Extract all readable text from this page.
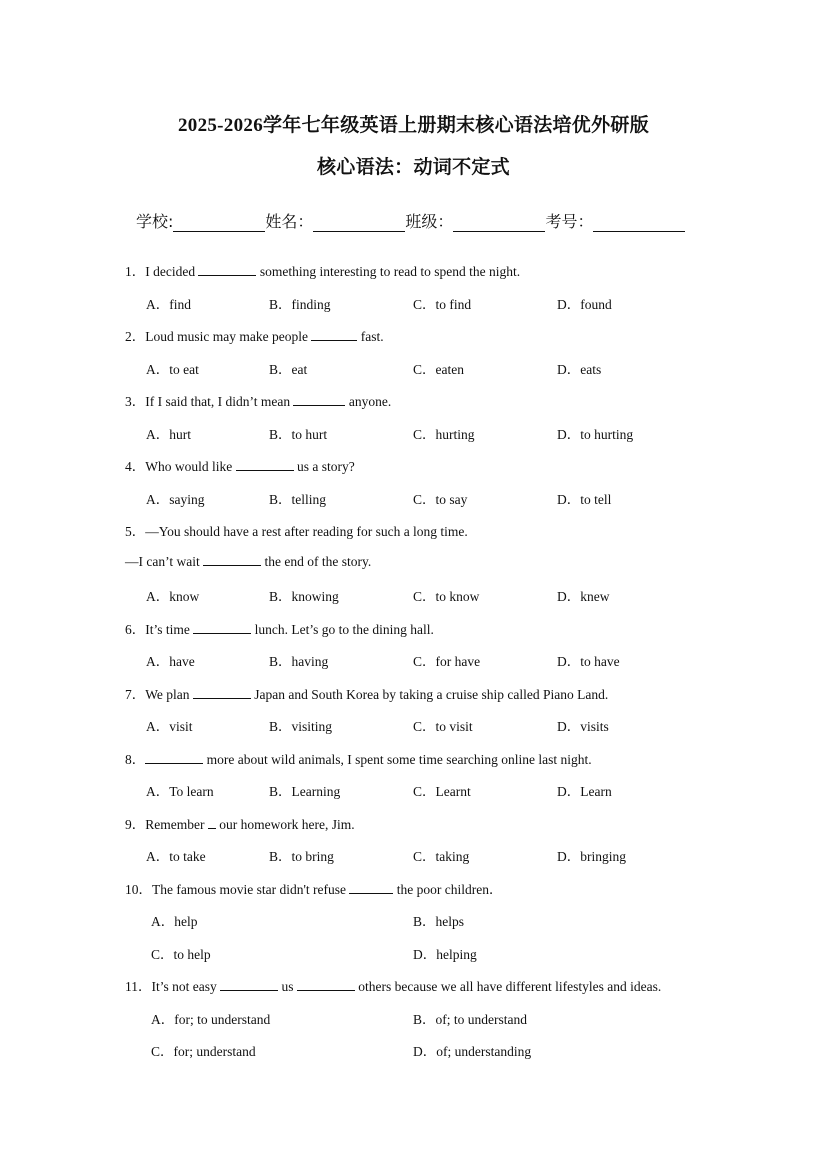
2025-2026学年七年级英语上册期末核心语法培优外研版
核心语法：动词不定式
学校:	姓名：	班级：	考号：
1．I decided	something interesting to read to spend the night.
A．find	B．finding	C．to find	D．found
2．Loud music may make people	fast.
A．to eat	B．eat	C．eaten	D．eats
3．If I said that, I didn’t mean	anyone.
A．hurt	B．to hurt	C．hurting	D．to hurting
4．Who would like	us a story?
A．saying	B．telling	C．to say	D．to tell
5．—You should have a rest after reading for such a long time.
—I can’t wait	the end of the story.
A．know	B．knowing	C．to know	D．knew
6．It’s time	lunch. Let’s go to the dining hall.
A．have	B．having	C．for have	D．to have
7．We plan	Japan and South Korea by taking a cruise ship called Piano Land.
A．visit	B．visiting	C．to visit	D．visits
8．	more about wild animals, I spent some time searching online last night.
A．To learn	B．Learning	C．Learnt	D．Learn
9．Remember  our homework here, Jim.
A．to take	B．to bring	C．taking	D．bringing
10．The famous movie star didn't refuse	the poor children．
A．help	B．helps
C．to help	D．helping
11．It’s not easy	us	others because we all have different lifestyles and ideas.
A．for; to understand	B．of; to understand
C．for; understand	D．of; understanding
